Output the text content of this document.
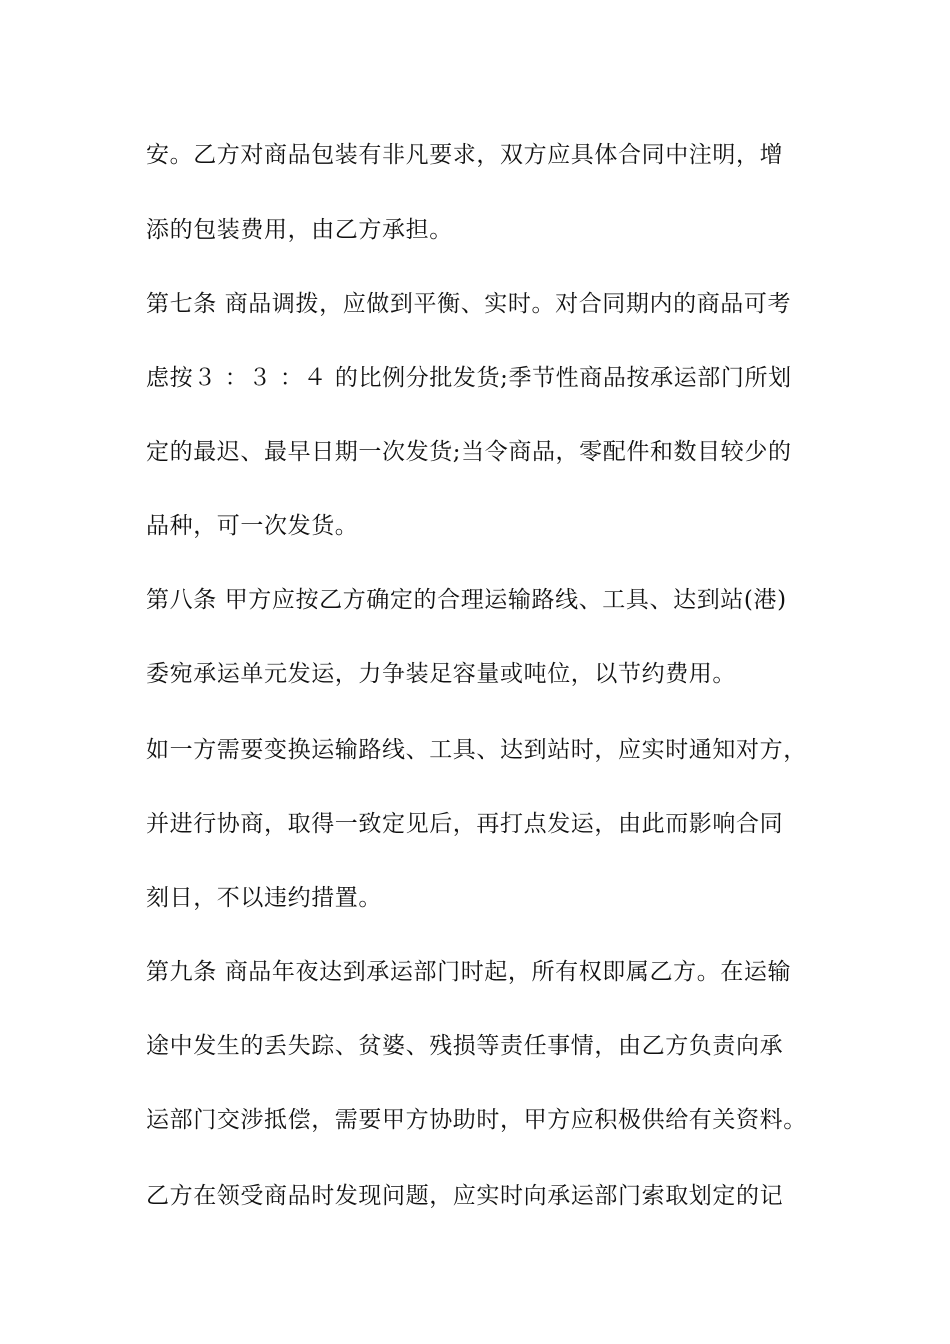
安。乙方对商品包装有非凡要求，双方应具体合同中注明，增
添的包装费用，由乙方承担。
第七条 商品调拨，应做到平衡、实时。对合同期内的商品可考
虑按３ ：３ ：４ 的比例分批发货;季节性商品按承运部门所划
定的最迟、最早日期一次发货;当令商品，零配件和数目较少的
品种，可一次发货。
第八条 甲方应按乙方确定的合理运输路线、工具、达到站(港)
委宛承运单元发运，力争装足容量或吨位，以节约费用。
如一方需要变换运输路线、工具、达到站时，应实时通知对方，
并进行协商，取得一致定见后，再打点发运，由此而影响合同
刻日，不以违约措置。
第九条 商品年夜达到承运部门时起，所有权即属乙方。在运输
途中发生的丢失踪、贫婆、残损等责任事情，由乙方负责向承
运部门交涉抵偿，需要甲方协助时，甲方应积极供给有关资料。
乙方在领受商品时发现问题，应实时向承运部门索取划定的记
